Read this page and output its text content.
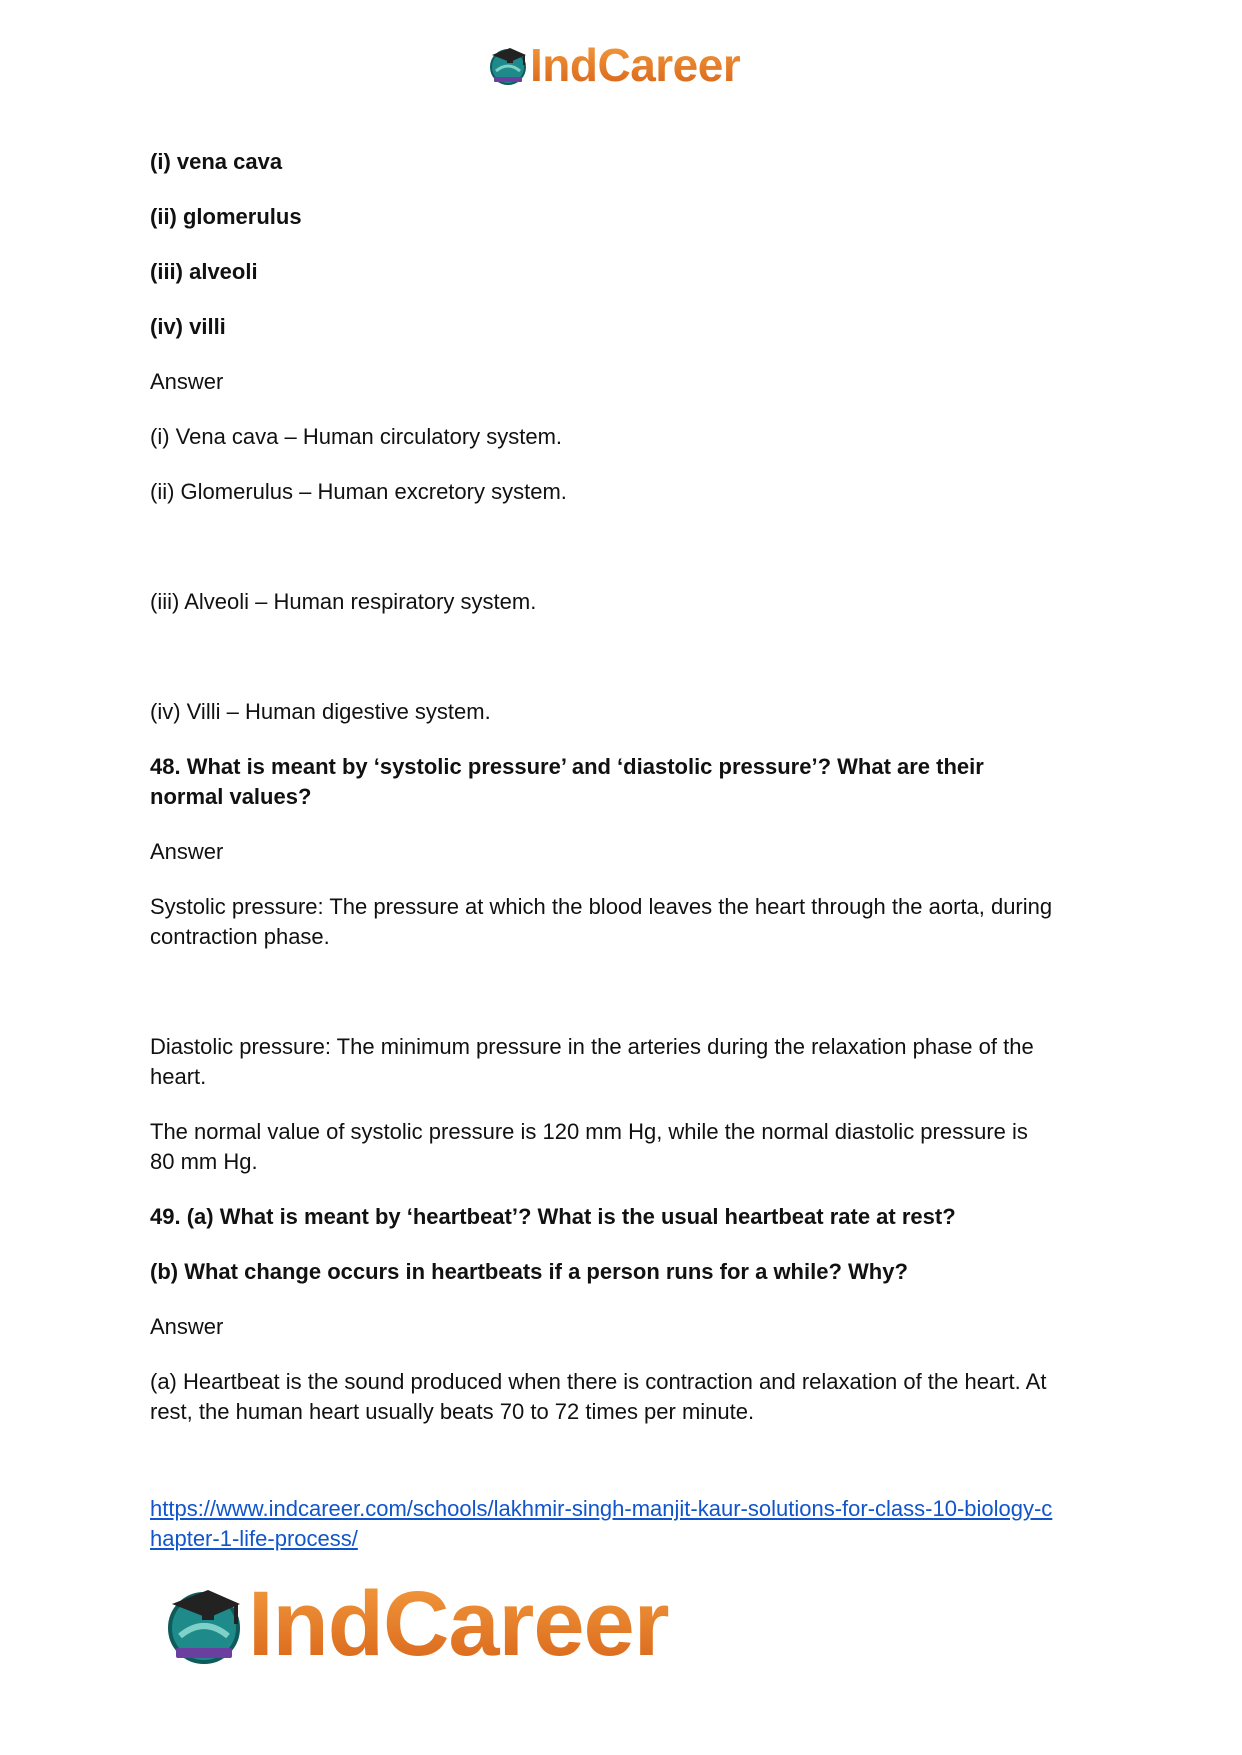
IndCareer
(i) vena cava
(ii) glomerulus
(iii) alveoli
(iv) villi
Answer
(i) Vena cava – Human circulatory system.
(ii) Glomerulus – Human excretory system.
(iii) Alveoli – Human respiratory system.
(iv) Villi – Human digestive system.
48. What is meant by ‘systolic pressure’ and ‘diastolic pressure’? What are their
normal values?
Answer
Systolic pressure: The pressure at which the blood leaves the heart through the aorta, during
contraction phase.
Diastolic pressure: The minimum pressure in the arteries during the relaxation phase of the
heart.
The normal value of systolic pressure is 120 mm Hg, while the normal diastolic pressure is
80 mm Hg.
49. (a) What is meant by ‘heartbeat’? What is the usual heartbeat rate at rest?
(b) What change occurs in heartbeats if a person runs for a while? Why?
Answer
(a) Heartbeat is the sound produced when there is contraction and relaxation of the heart. At
rest, the human heart usually beats 70 to 72 times per minute.
https://www.indcareer.com/schools/lakhmir-singh-manjit-kaur-solutions-for-class-10-biology-c
hapter-1-life-process/
IndCareer
